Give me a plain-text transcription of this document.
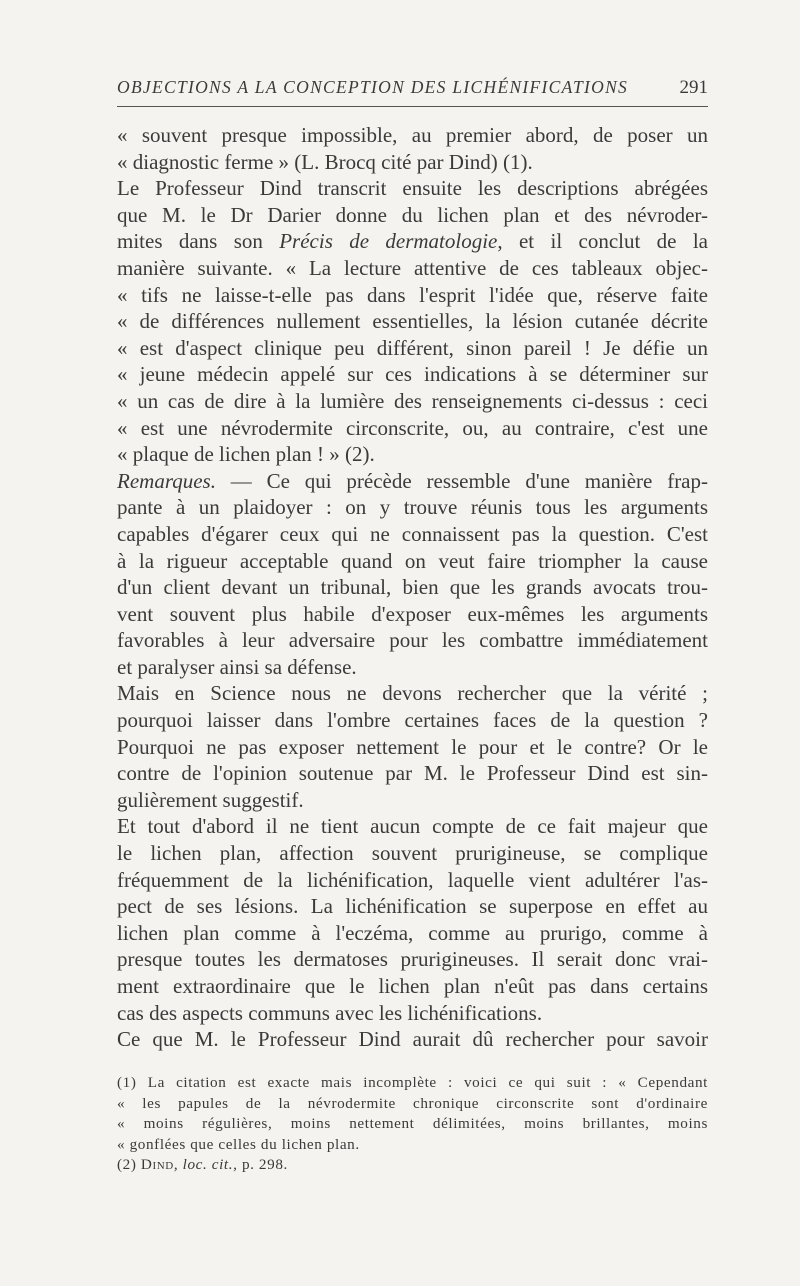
OBJECTIONS A LA CONCEPTION DES LICHÉNIFICATIONS	291
« souvent presque impossible, au premier abord, de poser un
« diagnostic ferme » (L. Brocq cité par Dind) (1).
Le Professeur Dind transcrit ensuite les descriptions abrégées
que M. le Dr Darier donne du lichen plan et des névroder-
mites dans son Précis de dermatologie, et il conclut de la
manière suivante. « La lecture attentive de ces tableaux objec-
« tifs ne laisse-t-elle pas dans l'esprit l'idée que, réserve faite
« de différences nullement essentielles, la lésion cutanée décrite
« est d'aspect clinique peu différent, sinon pareil ! Je défie un
« jeune médecin appelé sur ces indications à se déterminer sur
« un cas de dire à la lumière des renseignements ci-dessus : ceci
« est une névrodermite circonscrite, ou, au contraire, c'est une
« plaque de lichen plan ! » (2).
Remarques. — Ce qui précède ressemble d'une manière frap-
pante à un plaidoyer : on y trouve réunis tous les arguments
capables d'égarer ceux qui ne connaissent pas la question. C'est
à la rigueur acceptable quand on veut faire triompher la cause
d'un client devant un tribunal, bien que les grands avocats trou-
vent souvent plus habile d'exposer eux-mêmes les arguments
favorables à leur adversaire pour les combattre immédiatement
et paralyser ainsi sa défense.
Mais en Science nous ne devons rechercher que la vérité ;
pourquoi laisser dans l'ombre certaines faces de la question ?
Pourquoi ne pas exposer nettement le pour et le contre? Or le
contre de l'opinion soutenue par M. le Professeur Dind est sin-
gulièrement suggestif.
Et tout d'abord il ne tient aucun compte de ce fait majeur que
le lichen plan, affection souvent prurigineuse, se complique
fréquemment de la lichénification, laquelle vient adultérer l'as-
pect de ses lésions. La lichénification se superpose en effet au
lichen plan comme à l'eczéma, comme au prurigo, comme à
presque toutes les dermatoses prurigineuses. Il serait donc vrai-
ment extraordinaire que le lichen plan n'eût pas dans certains
cas des aspects communs avec les lichénifications.
Ce que M. le Professeur Dind aurait dû rechercher pour savoir
(1) La citation est exacte mais incomplète : voici ce qui suit : « Cependant
« les papules de la névrodermite chronique circonscrite sont d'ordinaire
« moins régulières, moins nettement délimitées, moins brillantes, moins
« gonflées que celles du lichen plan.
(2) Dind, loc. cit., p. 298.
